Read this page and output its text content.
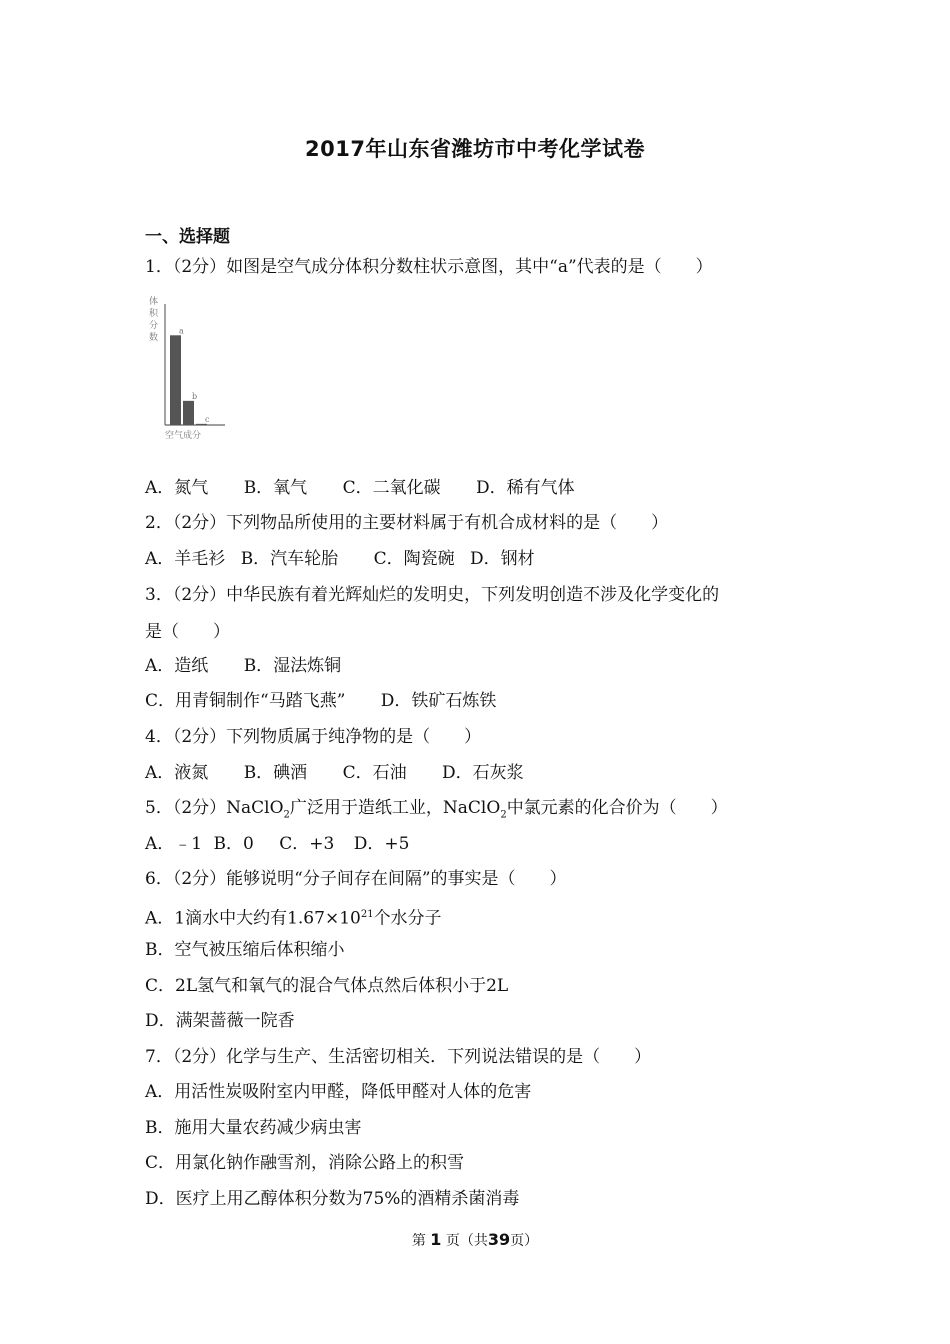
2017年山东省潍坊市中考化学试卷
一、选择题
1．（2分）如图是空气成分体积分数柱状示意图，其中“a”代表的是（　　）
体
积
分
数
a
b
c
空气成分
A．氮气 B．氧气 C．二氧化碳 D．稀有气体
2．（2分）下列物品所使用的主要材料属于有机合成材料的是（　　）
A．羊毛衫 B．汽车轮胎 C．陶瓷碗 D．钢材
3．（2分）中华民族有着光辉灿烂的发明史，下列发明创造不涉及化学变化的
是（　　）
A．造纸 B．湿法炼铜
C．用青铜制作“马踏飞燕” D．铁矿石炼铁
4．（2分）下列物质属于纯净物的是（　　）
A．液氮 B．碘酒 C．石油 D．石灰浆
5．（2分）NaClO$_2$广泛用于造纸工业，NaClO$_2$中氯元素的化合价为（　　）
A．﹣1 B．0 C．+3 D．+5
6．（2分）能够说明“分子间存在间隔”的事实是（　　）
A．1滴水中大约有$1.67\times 10^{21}$个水分子
B．空气被压缩后体积缩小
C．2L氢气和氧气的混合气体点然后体积小于2L
D．满架蔷薇一院香
7．（2分）化学与生产、生活密切相关．下列说法错误的是（　　）
A．用活性炭吸附室内甲醛，降低甲醛对人体的危害
B．施用大量农药减少病虫害
C．用氯化钠作融雪剂，消除公路上的积雪
D．医疗上用乙醇体积分数为75%的酒精杀菌消毒
第 1 页（共39页）
